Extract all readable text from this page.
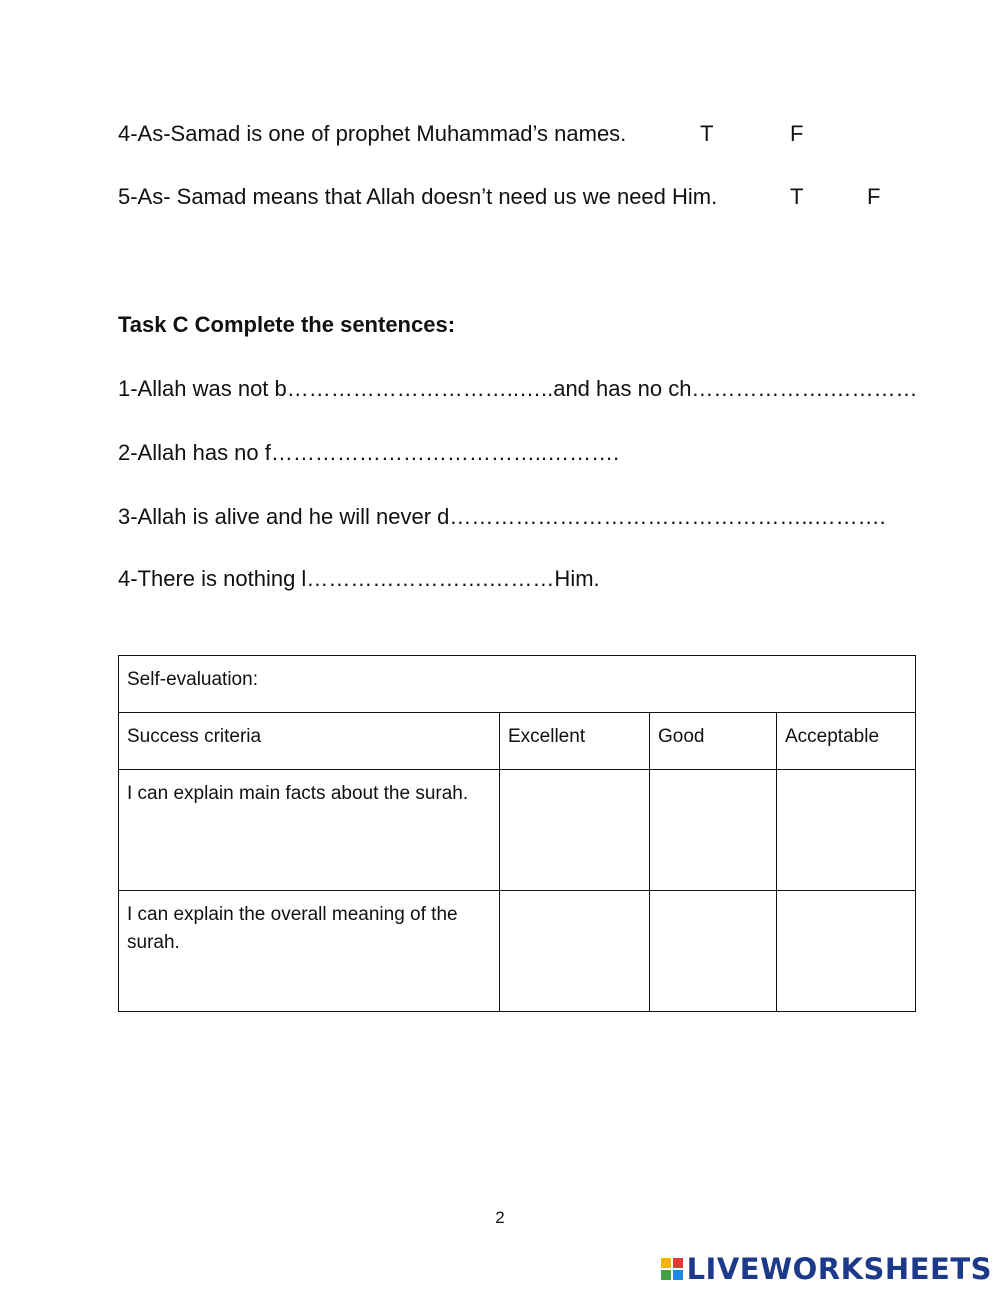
4-As-Samad is one of prophet Muhammad’s names.	T	F
5-As- Samad means that Allah doesn’t need us we need Him.	T	F
Task C Complete the sentences:
1-Allah was not b…………………………..…..and has no ch……………….…………
2-Allah has no f………………………………..……….
3-Allah is alive and he will never d…………………………………………..……….
4-There is nothing l…………………….………Him.
Self-evaluation:			
Success criteria	Excellent	Good	Acceptable
I can explain main facts about the surah.			
I can explain the overall meaning of the surah.			
2
LIVEWORKSHEETS
